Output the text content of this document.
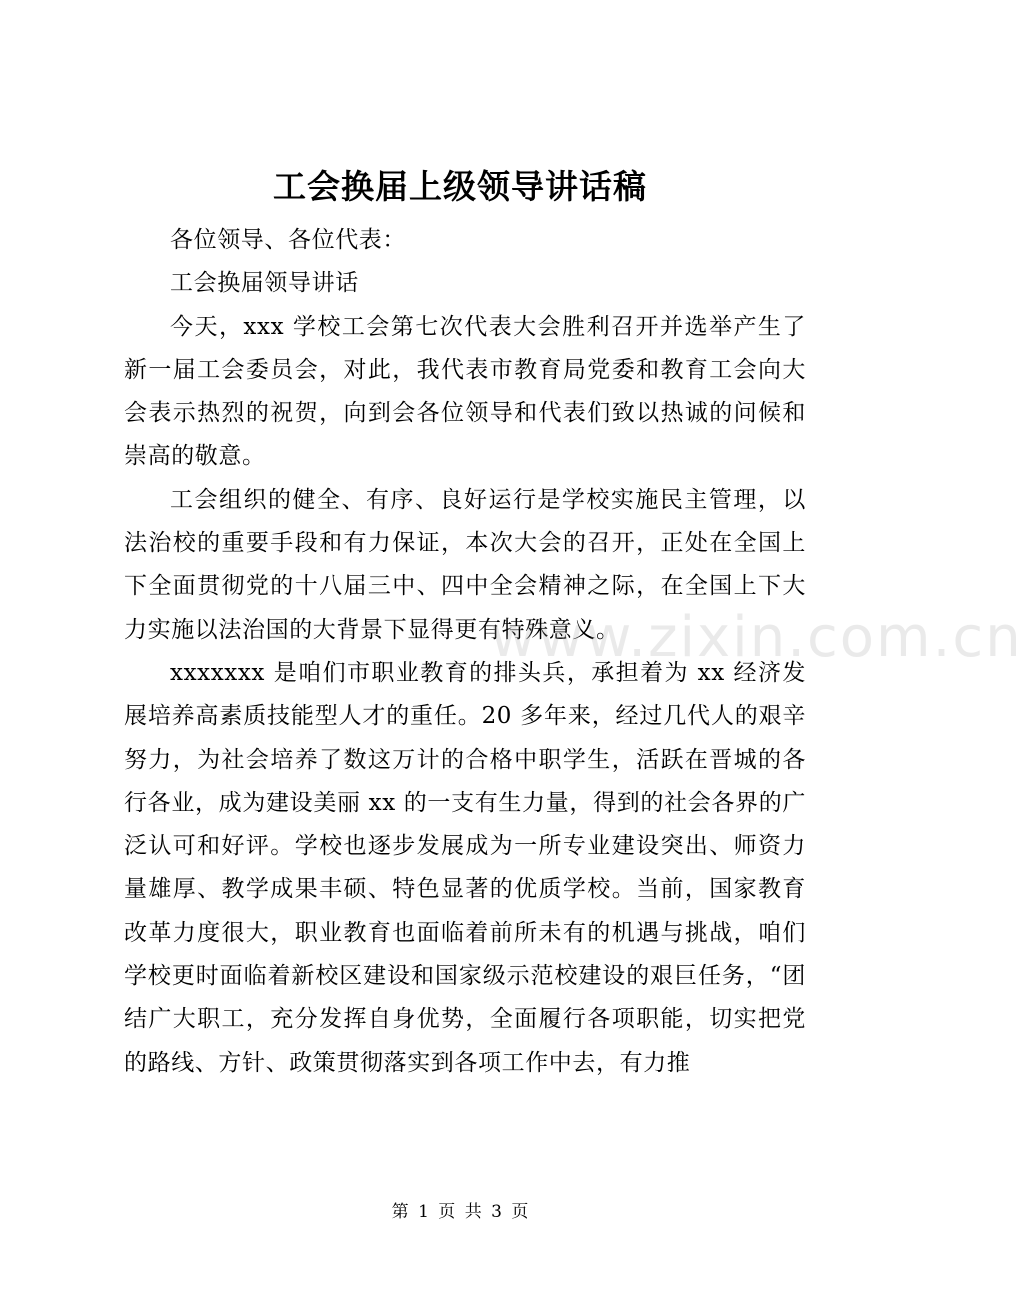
工会换届上级领导讲话稿

各位领导、各位代表：

工会换届领导讲话

今天，xxx 学校工会第七次代表大会胜利召开并选举产生了新一届工会委员会，对此，我代表市教育局党委和教育工会向大会表示热烈的祝贺，向到会各位领导和代表们致以热诚的问候和崇高的敬意。

工会组织的健全、有序、良好运行是学校实施民主管理，以法治校的重要手段和有力保证，本次大会的召开，正处在全国上下全面贯彻党的十八届三中、四中全会精神之际，在全国上下大力实施以法治国的大背景下显得更有特殊意义。

xxxxxxx 是咱们市职业教育的排头兵，承担着为 xx 经济发展培养高素质技能型人才的重任。20 多年来，经过几代人的艰辛努力，为社会培养了数这万计的合格中职学生，活跃在晋城的各行各业，成为建设美丽 xx 的一支有生力量，得到的社会各界的广泛认可和好评。学校也逐步发展成为一所专业建设突出、师资力量雄厚、教学成果丰硕、特色显著的优质学校。当前，国家教育改革力度很大，职业教育也面临着前所未有的机遇与挑战，咱们学校更时面临着新校区建设和国家级示范校建设的艰巨任务，“团结广大职工，充分发挥自身优势，全面履行各项职能，切实把党的路线、方针、政策贯彻落实到各项工作中去，有力推

www.zixin.com.cn
第 1 页 共 3 页
